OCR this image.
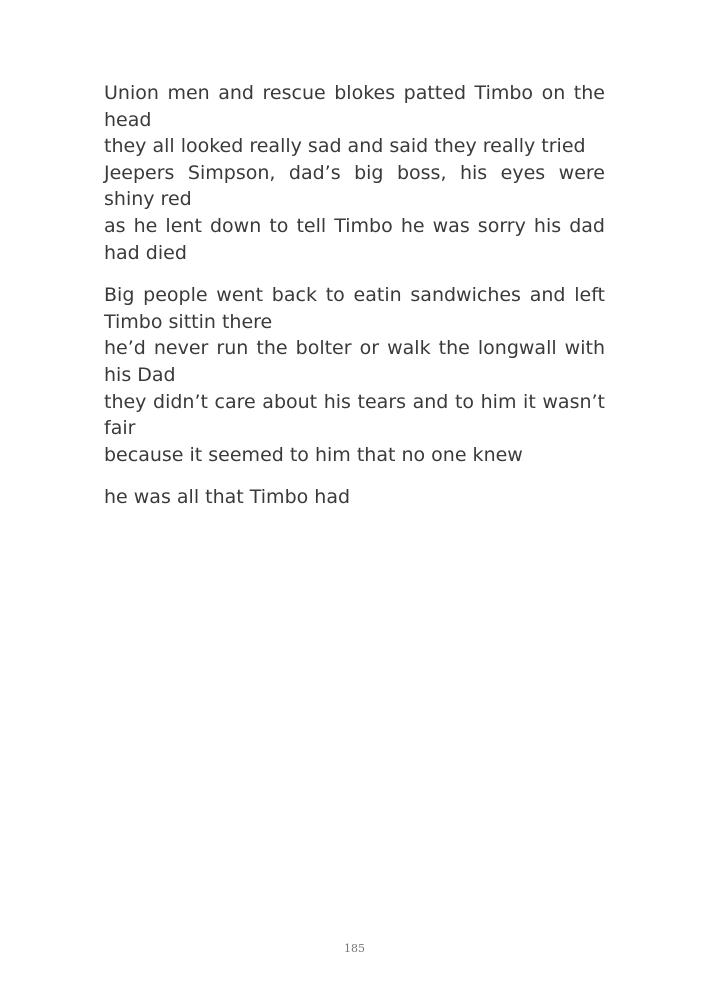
Union men and rescue blokes patted Timbo on the head

they all looked really sad and said they really tried

Jeepers Simpson, dad’s big boss, his eyes were shiny red

as he lent down to tell Timbo he was sorry his dad had died

Big people went back to eatin sandwiches and left Timbo sittin there

he’d never run the bolter or walk the longwall with his Dad

they didn’t care about his tears and to him it wasn’t fair

because it seemed to him that no one knew

he was all that Timbo had

185
